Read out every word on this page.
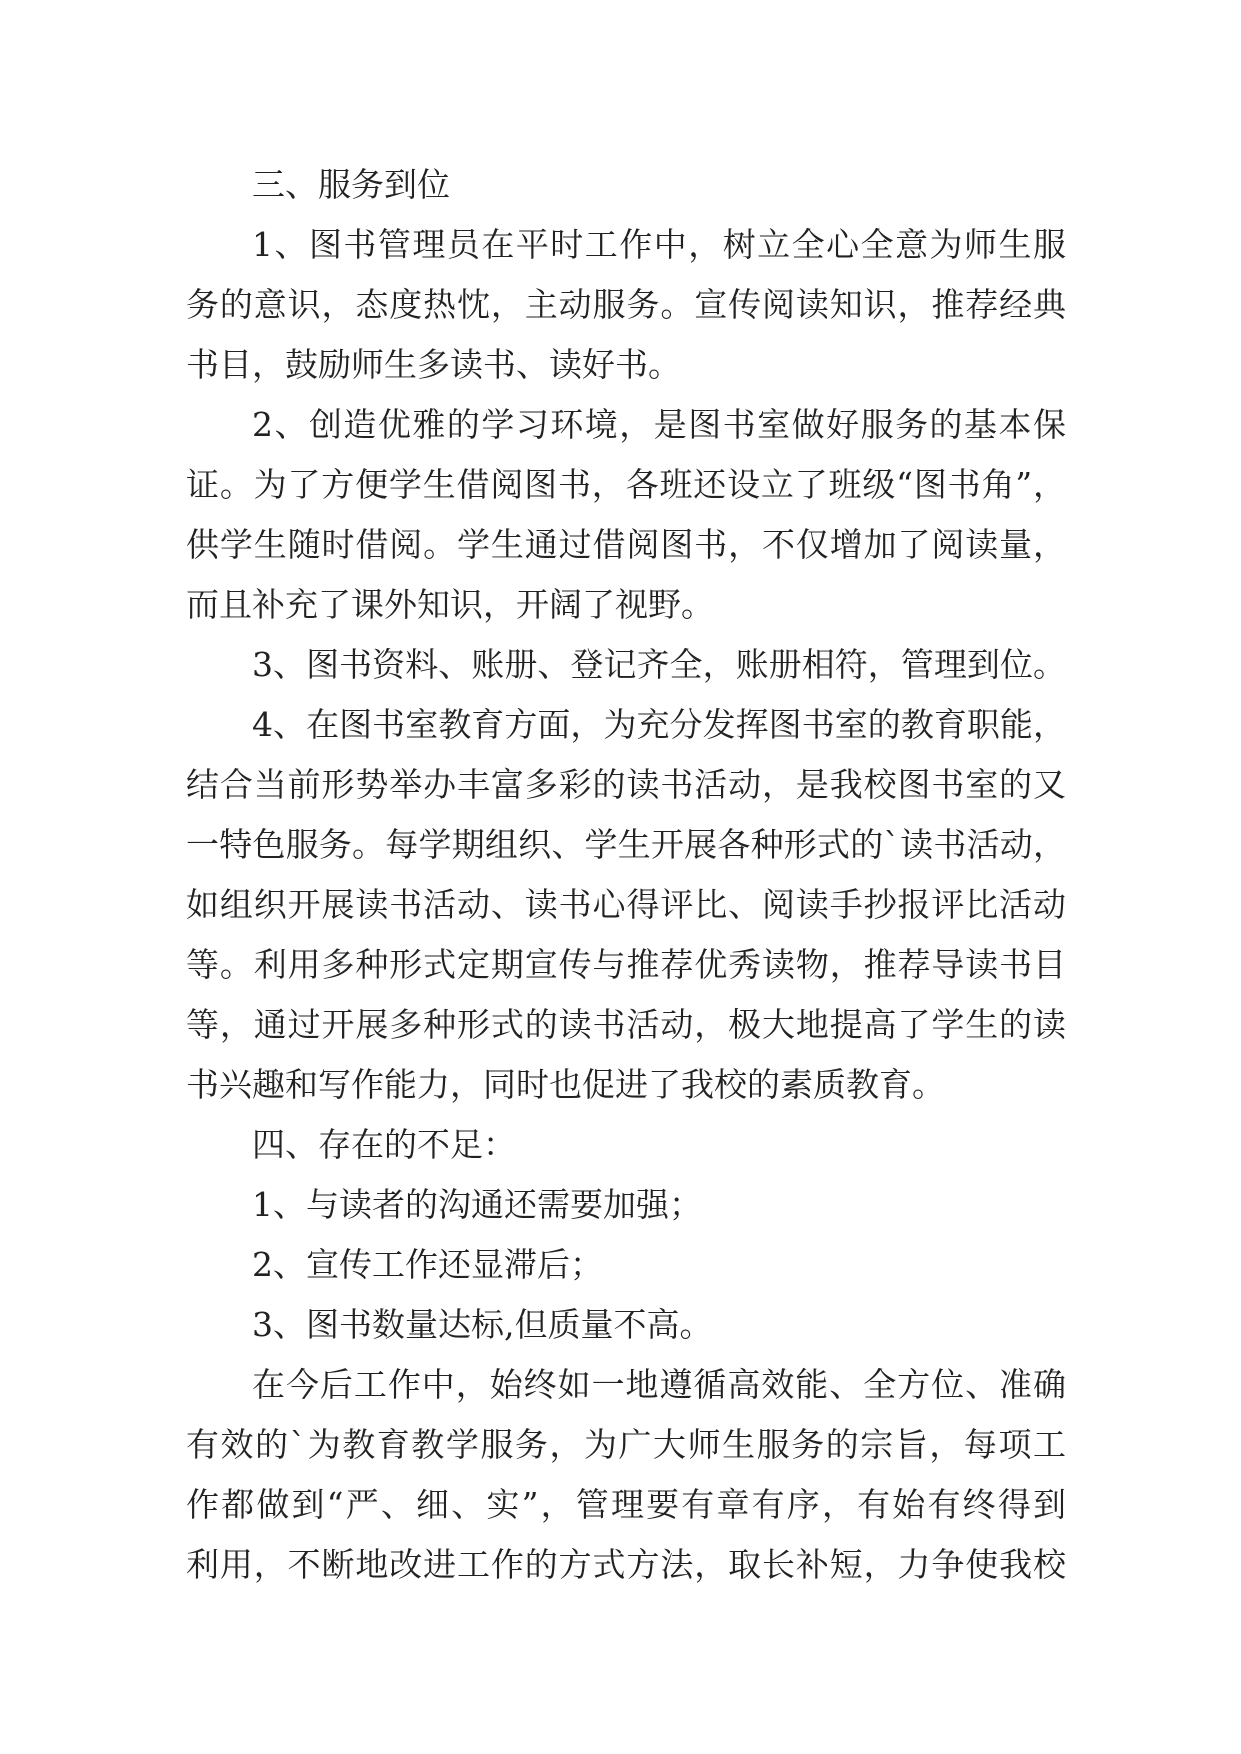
三、服务到位
1、图书管理员在平时工作中，树立全心全意为师生服
务的意识，态度热忱，主动服务。宣传阅读知识，推荐经典
书目，鼓励师生多读书、读好书。
2、创造优雅的学习环境，是图书室做好服务的基本保
证。为了方便学生借阅图书，各班还设立了班级“图书角”，
供学生随时借阅。学生通过借阅图书，不仅增加了阅读量，
而且补充了课外知识，开阔了视野。
3、图书资料、账册、登记齐全，账册相符，管理到位。
4、在图书室教育方面，为充分发挥图书室的教育职能，
结合当前形势举办丰富多彩的读书活动，是我校图书室的又
一特色服务。每学期组织、学生开展各种形式的`读书活动，
如组织开展读书活动、读书心得评比、阅读手抄报评比活动
等。利用多种形式定期宣传与推荐优秀读物，推荐导读书目
等，通过开展多种形式的读书活动，极大地提高了学生的读
书兴趣和写作能力，同时也促进了我校的素质教育。
四、存在的不足：
1、与读者的沟通还需要加强；
2、宣传工作还显滞后；
3、图书数量达标,但质量不高。
在今后工作中，始终如一地遵循高效能、全方位、准确
有效的`为教育教学服务，为广大师生服务的宗旨，每项工
作都做到“严、细、实”，管理要有章有序，有始有终得到
利用，不断地改进工作的方式方法，取长补短，力争使我校
